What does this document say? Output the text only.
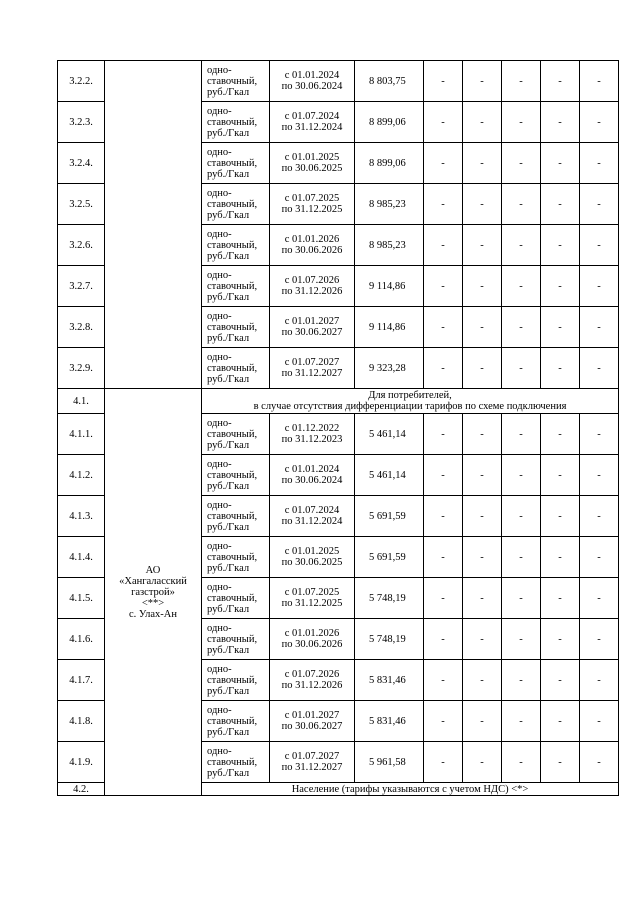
3.2.2.		одно-
ставочный,
руб./Гкал	с 01.01.2024
по 30.06.2024	8 803,75	-	-	-	-	-
3.2.3.		одно-
ставочный,
руб./Гкал	с 01.07.2024
по 31.12.2024	8 899,06	-	-	-	-	-
3.2.4.		одно-
ставочный,
руб./Гкал	с 01.01.2025
по 30.06.2025	8 899,06	-	-	-	-	-
3.2.5.		одно-
ставочный,
руб./Гкал	с 01.07.2025
по 31.12.2025	8 985,23	-	-	-	-	-
3.2.6.		одно-
ставочный,
руб./Гкал	с 01.01.2026
по 30.06.2026	8 985,23	-	-	-	-	-
3.2.7.		одно-
ставочный,
руб./Гкал	с 01.07.2026
по 31.12.2026	9 114,86	-	-	-	-	-
3.2.8.		одно-
ставочный,
руб./Гкал	с 01.01.2027
по 30.06.2027	9 114,86	-	-	-	-	-
3.2.9.		одно-
ставочный,
руб./Гкал	с 01.07.2027
по 31.12.2027	9 323,28	-	-	-	-	-
4.1.	АО
«Хангаласский
газстрой»
<**>
с. Улах-Ан	Для потребителей,
в случае отсутствия дифференциации тарифов по схеме подключения							

4.1.1.		одно-
ставочный,
руб./Гкал	с 01.12.2022
по 31.12.2023	5 461,14	-	-	-	-	-
4.1.2.		одно-
ставочный,
руб./Гкал	с 01.01.2024
по 30.06.2024	5 461,14	-	-	-	-	-
4.1.3.		одно-
ставочный,
руб./Гкал	с 01.07.2024
по 31.12.2024	5 691,59	-	-	-	-	-
4.1.4.		одно-
ставочный,
руб./Гкал	с 01.01.2025
по 30.06.2025	5 691,59	-	-	-	-	-
4.1.5.		одно-
ставочный,
руб./Гкал	с 01.07.2025
по 31.12.2025	5 748,19	-	-	-	-	-
4.1.6.		одно-
ставочный,
руб./Гкал	с 01.01.2026
по 30.06.2026	5 748,19	-	-	-	-	-
4.1.7.		одно-
ставочный,
руб./Гкал	с 01.07.2026
по 31.12.2026	5 831,46	-	-	-	-	-
4.1.8.		одно-
ставочный,
руб./Гкал	с 01.01.2027
по 30.06.2027	5 831,46	-	-	-	-	-
4.1.9.		одно-
ставочный,
руб./Гкал	с 01.07.2027
по 31.12.2027	5 961,58	-	-	-	-	-
4.2.		Население (тарифы указываются с учетом НДС) <*>							
